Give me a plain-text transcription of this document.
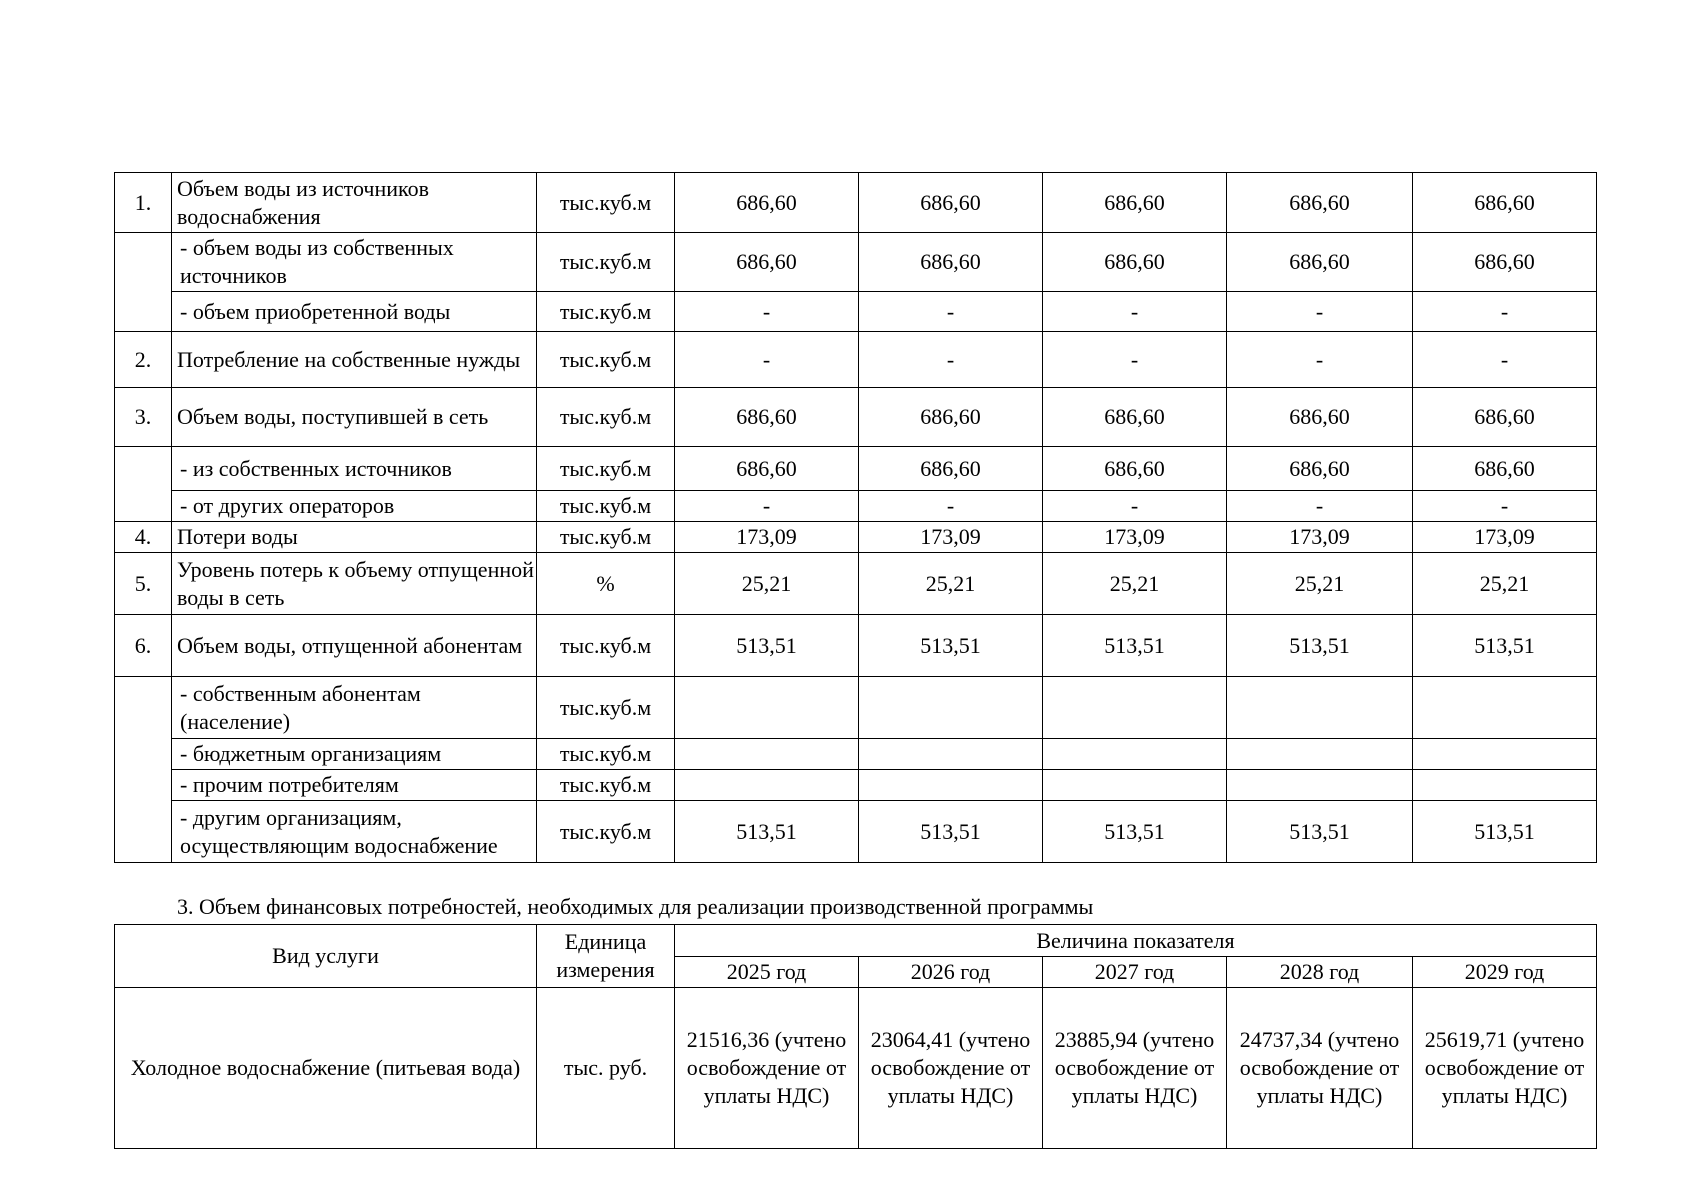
1.	Объем воды из источников водоснабжения	тыс.куб.м	686,60	686,60	686,60	686,60	686,60
	- объем воды из собственных источников	тыс.куб.м	686,60	686,60	686,60	686,60	686,60
	- объем приобретенной воды	тыс.куб.м	-	-	-	-	-
2.	Потребление на собственные нужды	тыс.куб.м	-	-	-	-	-
3.	Объем воды, поступившей в сеть	тыс.куб.м	686,60	686,60	686,60	686,60	686,60
	- из собственных источников	тыс.куб.м	686,60	686,60	686,60	686,60	686,60
	- от других операторов	тыс.куб.м	-	-	-	-	-
4.	Потери воды	тыс.куб.м	173,09	173,09	173,09	173,09	173,09
5.	Уровень потерь к объему отпущенной воды в сеть	%	25,21	25,21	25,21	25,21	25,21
6.	Объем воды, отпущенной абонентам	тыс.куб.м	513,51	513,51	513,51	513,51	513,51
	- собственным абонентам (население)	тыс.куб.м					
	- бюджетным организациям	тыс.куб.м					
	- прочим потребителям	тыс.куб.м					
	- другим организациям, осуществляющим водоснабжение	тыс.куб.м	513,51	513,51	513,51	513,51	513,51
3. Объем финансовых потребностей, необходимых для реализации производственной программы
Вид услуги	Единица измерения	Величина показателя				
		2025 год	2026 год	2027 год	2028 год	2029 год
Холодное водоснабжение (питьевая вода)	тыс. руб.	21516,36 (учтено освобождение от уплаты НДС)	23064,41 (учтено освобождение от уплаты НДС)	23885,94 (учтено освобождение от уплаты НДС)	24737,34 (учтено освобождение от уплаты НДС)	25619,71 (учтено освобождение от уплаты НДС)
